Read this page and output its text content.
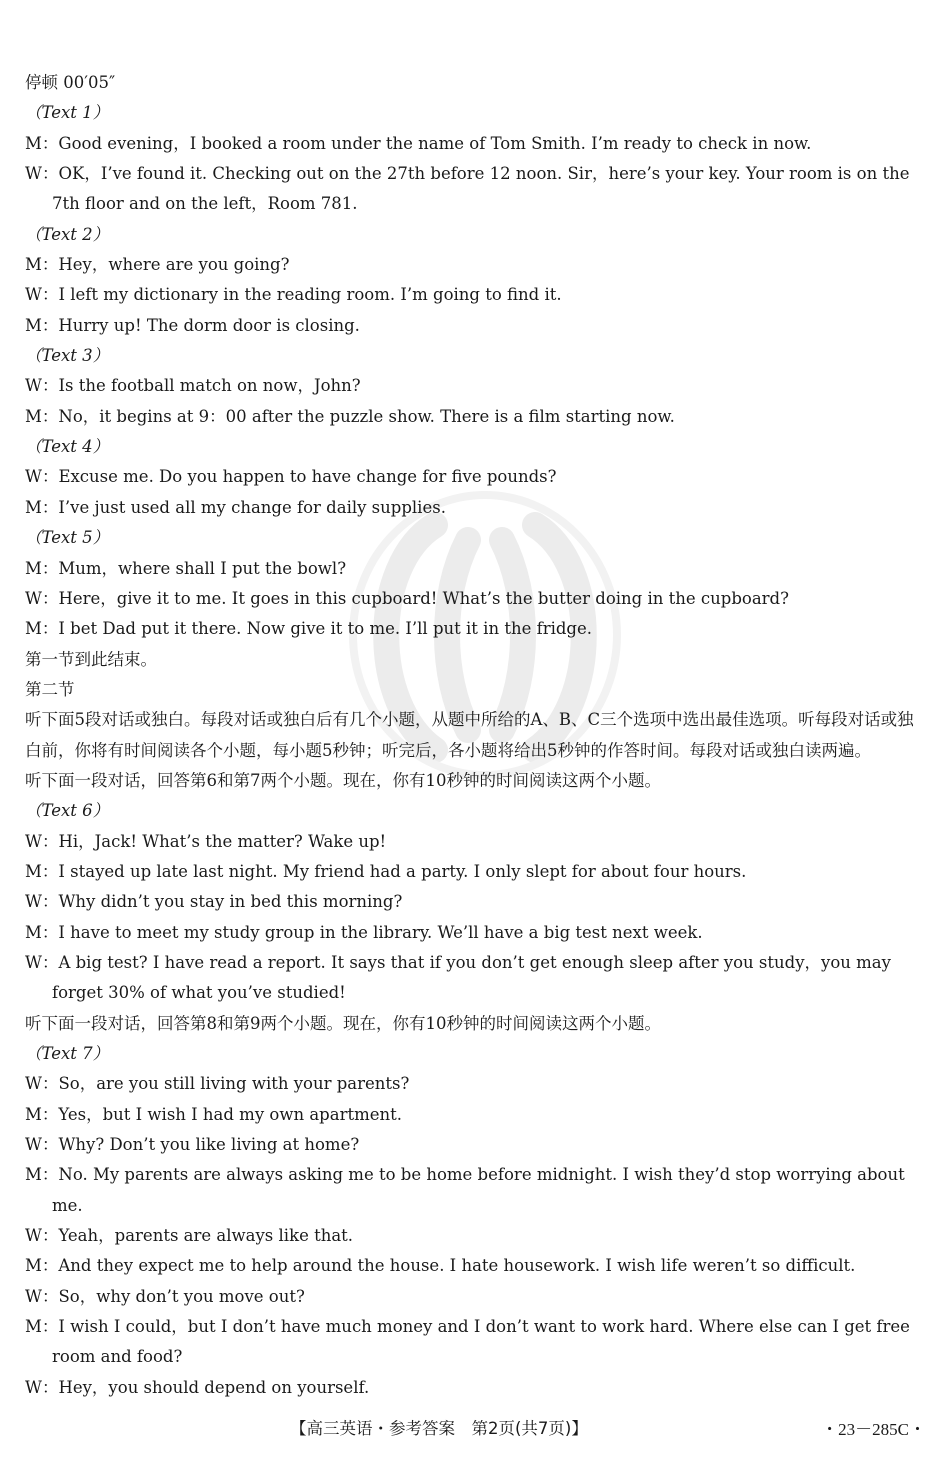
停顿 00′05″
（Text 1）
M：Good evening，I booked a room under the name of Tom Smith. I’m ready to check in now.
W：OK，I’ve found it. Checking out on the 27th before 12 noon. Sir，here’s your key. Your room is on the 7th floor and on the left，Room 781.
（Text 2）
M：Hey，where are you going?
W：I left my dictionary in the reading room. I’m going to find it.
M：Hurry up! The dorm door is closing.
（Text 3）
W：Is the football match on now，John?
M：No，it begins at 9：00 after the puzzle show. There is a film starting now.
（Text 4）
W：Excuse me. Do you happen to have change for five pounds?
M：I’ve just used all my change for daily supplies.
（Text 5）
M：Mum，where shall I put the bowl?
W：Here，give it to me. It goes in this cupboard! What’s the butter doing in the cupboard?
M：I bet Dad put it there. Now give it to me. I’ll put it in the fridge.
第一节到此结束。
第二节
听下面5段对话或独白。每段对话或独白后有几个小题，从题中所给的A、B、C三个选项中选出最佳选项。听每段对话或独白前，你将有时间阅读各个小题，每小题5秒钟；听完后，各小题将给出5秒钟的作答时间。每段对话或独白读两遍。
听下面一段对话，回答第6和第7两个小题。现在，你有10秒钟的时间阅读这两个小题。
（Text 6）
W：Hi，Jack! What’s the matter? Wake up!
M：I stayed up late last night. My friend had a party. I only slept for about four hours.
W：Why didn’t you stay in bed this morning?
M：I have to meet my study group in the library. We’ll have a big test next week.
W：A big test? I have read a report. It says that if you don’t get enough sleep after you study，you may forget 30% of what you’ve studied!
听下面一段对话，回答第8和第9两个小题。现在，你有10秒钟的时间阅读这两个小题。
（Text 7）
W：So，are you still living with your parents?
M：Yes，but I wish I had my own apartment.
W：Why? Don’t you like living at home?
M：No. My parents are always asking me to be home before midnight. I wish they’d stop worrying about me.
W：Yeah，parents are always like that.
M：And they expect me to help around the house. I hate housework. I wish life weren’t so difficult.
W：So，why don’t you move out?
M：I wish I could，but I don’t have much money and I don’t want to work hard. Where else can I get free room and food?
W：Hey，you should depend on yourself.
【高三英语・参考答案　第2页(共7页)】	・23－285C・
